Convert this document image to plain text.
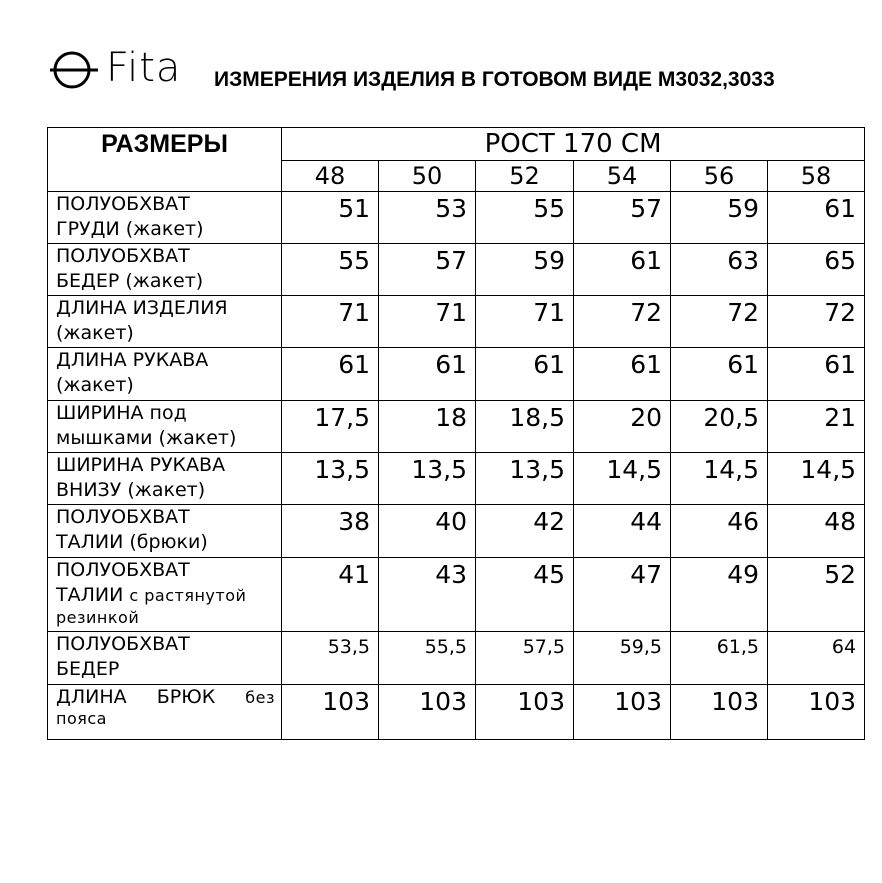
Fita ИЗМЕРЕНИЯ ИЗДЕЛИЯ В ГОТОВОМ ВИДЕ М3032,3033
РАЗМЕРЫ	РОСТ 170 СМ					
	48	50	52	54	56	58

ПОЛУОБХВАТ
ГРУДИ (жакет)	51	53	55	57	59	61

ПОЛУОБХВАТ
БЕДЕР (жакет)	55	57	59	61	63	65

ДЛИНА ИЗДЕЛИЯ
(жакет)	71	71	71	72	72	72

ДЛИНА РУКАВА
(жакет)	61	61	61	61	61	61

ШИРИНА под
мышками (жакет)	17,5	18	18,5	20	20,5	21

ШИРИНА РУКАВА
ВНИЗУ (жакет)	13,5	13,5	13,5	14,5	14,5	14,5

ПОЛУОБХВАТ
ТАЛИИ (брюки)	38	40	42	44	46	48

ПОЛУОБХВАТ
ТАЛИИ с растянутой
резинкой	41	43	45	47	49	52

ПОЛУОБХВАТ
БЕДЕР	53,5	55,5	57,5	59,5	61,5	64

ДЛИНА БРЮК без
пояса	103	103	103	103	103	103
